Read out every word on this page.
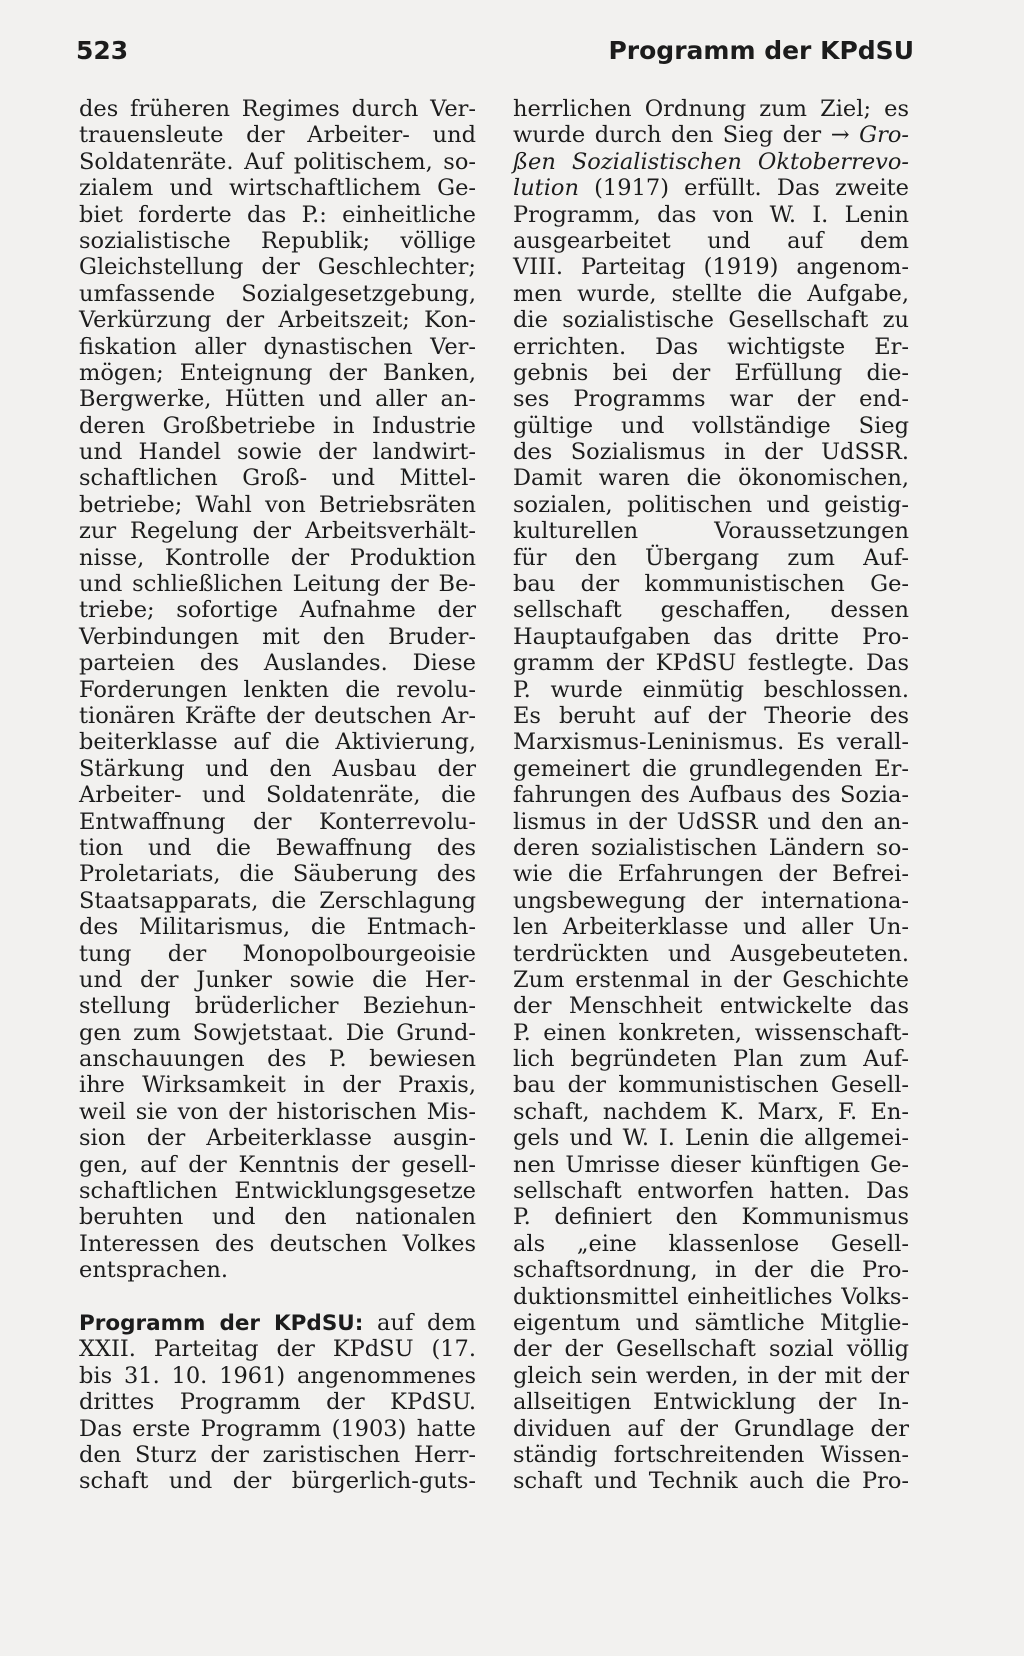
523	Programm der KPdSU
des früheren Regimes durch Ver-
trauensleute der Arbeiter- und
Soldatenräte. Auf politischem, so-
zialem und wirtschaftlichem Ge-
biet forderte das P.: einheitliche
sozialistische Republik; völlige
Gleichstellung der Geschlechter;
umfassende Sozialgesetzgebung,
Verkürzung der Arbeitszeit; Kon-
fiskation aller dynastischen Ver-
mögen; Enteignung der Banken,
Bergwerke, Hütten und aller an-
deren Großbetriebe in Industrie
und Handel sowie der landwirt-
schaftlichen Groß- und Mittel-
betriebe; Wahl von Betriebsräten
zur Regelung der Arbeitsverhält-
nisse, Kontrolle der Produktion
und schließlichen Leitung der Be-
triebe; sofortige Aufnahme der
Verbindungen mit den Bruder-
parteien des Auslandes. Diese
Forderungen lenkten die revolu-
tionären Kräfte der deutschen Ar-
beiterklasse auf die Aktivierung,
Stärkung und den Ausbau der
Arbeiter- und Soldatenräte, die
Entwaffnung der Konterrevolu-
tion und die Bewaffnung des
Proletariats, die Säuberung des
Staatsapparats, die Zerschlagung
des Militarismus, die Entmach-
tung der Monopolbourgeoisie
und der Junker sowie die Her-
stellung brüderlicher Beziehun-
gen zum Sowjetstaat. Die Grund-
anschauungen des P. bewiesen
ihre Wirksamkeit in der Praxis,
weil sie von der historischen Mis-
sion der Arbeiterklasse ausgin-
gen, auf der Kenntnis der gesell-
schaftlichen Entwicklungsgesetze
beruhten und den nationalen
Interessen des deutschen Volkes
entsprachen.
Programm der KPdSU: auf dem
XXII. Parteitag der KPdSU (17.
bis 31. 10. 1961) angenommenes
drittes Programm der KPdSU.
Das erste Programm (1903) hatte
den Sturz der zaristischen Herr-
schaft und der bürgerlich-guts-
herrlichen Ordnung zum Ziel; es
wurde durch den Sieg der → Gro-
ßen Sozialistischen Oktoberrevo-
lution (1917) erfüllt. Das zweite
Programm, das von W. I. Lenin
ausgearbeitet und auf dem
VIII. Parteitag (1919) angenom-
men wurde, stellte die Aufgabe,
die sozialistische Gesellschaft zu
errichten. Das wichtigste Er-
gebnis bei der Erfüllung die-
ses Programms war der end-
gültige und vollständige Sieg
des Sozialismus in der UdSSR.
Damit waren die ökonomischen,
sozialen, politischen und geistig-
kulturellen Voraussetzungen
für den Übergang zum Auf-
bau der kommunistischen Ge-
sellschaft geschaffen, dessen
Hauptaufgaben das dritte Pro-
gramm der KPdSU festlegte. Das
P. wurde einmütig beschlossen.
Es beruht auf der Theorie des
Marxismus-Leninismus. Es verall-
gemeinert die grundlegenden Er-
fahrungen des Aufbaus des Sozia-
lismus in der UdSSR und den an-
deren sozialistischen Ländern so-
wie die Erfahrungen der Befrei-
ungsbewegung der internationa-
len Arbeiterklasse und aller Un-
terdrückten und Ausgebeuteten.
Zum erstenmal in der Geschichte
der Menschheit entwickelte das
P. einen konkreten, wissenschaft-
lich begründeten Plan zum Auf-
bau der kommunistischen Gesell-
schaft, nachdem K. Marx, F. En-
gels und W. I. Lenin die allgemei-
nen Umrisse dieser künftigen Ge-
sellschaft entworfen hatten. Das
P. definiert den Kommunismus
als „eine klassenlose Gesell-
schaftsordnung, in der die Pro-
duktionsmittel einheitliches Volks-
eigentum und sämtliche Mitglie-
der der Gesellschaft sozial völlig
gleich sein werden, in der mit der
allseitigen Entwicklung der In-
dividuen auf der Grundlage der
ständig fortschreitenden Wissen-
schaft und Technik auch die Pro-
